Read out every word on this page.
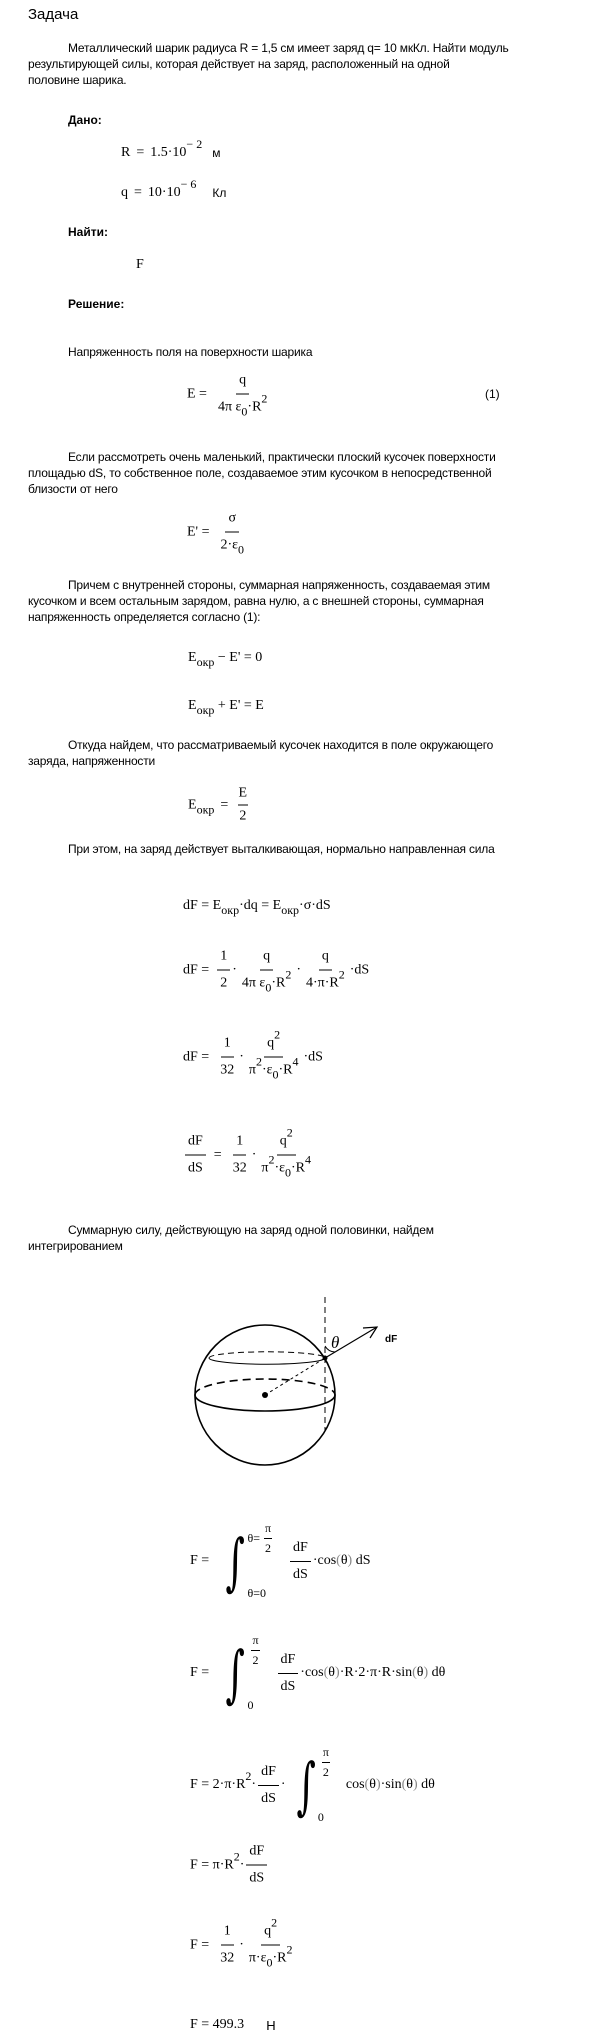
Задача
Металлический шарик радиуса R = 1,5 см имеет заряд q= 10 мкКл. Найти модуль
результирующей силы, которая действует на заряд, расположенный на одной
половине шарика.
Дано:
R = 1.5·10
$^{- 2}$
м
q = 10·10
$^{- 6}$
Кл
Найти:
F
Решение:
Напряженность поля на поверхности шарика
$E = \frac{q}{4\pi \varepsilon_0\cdot R^2}$	(1)
Если рассмотреть очень маленький, практически плоский кусочек поверхности
площадью dS, то собственное поле, создаваемое этим кусочком в непосредственной
близости от него
$E' = \frac{\sigma}{2\cdot\varepsilon_0}$
Причем с внутренней стороны, суммарная напряженность, создаваемая этим
кусочком и всем остальным зарядом, равна нулю, а с внешней стороны, суммарная
напряженность определяется согласно (1):
$E_{окр} - E' = 0$
$E_{окр} + E' = E$
Откуда найдем, что рассматриваемый кусочек находится в поле окружающего
заряда, напряженности
$E_{окр} = \frac{E}{2}$
При этом, на заряд действует выталкивающая, нормально направленная сила
dF = $E_{окр} \cdot dq = E_{окр} \cdot\sigma\cdot dS$
dF = $\frac{1}{2} \cdot \frac{q}{4\pi \varepsilon_0\cdot R^2} \cdot \frac{q}{4\cdot\pi\cdot R^2} \cdot dS$
dF = $\frac{1}{32} \cdot \frac{q^2}{\pi^2\cdot\varepsilon_0\cdot R^4} \cdot dS$
$\frac{dF}{dS} = \frac{1}{32} \cdot \frac{q^2}{\pi^2\cdot\varepsilon_0\cdot R^4}$
Суммарную силу, действующую на заряд одной половинки, найдем
интегрированием
θ	dF
F = ∫ $\theta= \frac{\pi}{2}$
θ=0
$\frac{dF}{dS} \cdot\cos$ ( θ ) dS
F = ∫ $\frac{\pi}{2}$
0
$\frac{dF}{dS} \cdot\cos$ ( θ ) ·R·2·π·R·sin ( θ ) dθ
F = 2·π·R
$^2$
· $\frac{dF}{dS}$ · ∫ $\frac{\pi}{2}$
0
cos ( θ ) ·sin ( θ ) dθ
F = π·R
$^2$
· $\frac{dF}{dS}$
$F = \frac{1}{32} \cdot \frac{q^2}{\pi\cdot\varepsilon_0\cdot R^2}$
F = 499.3 Н
